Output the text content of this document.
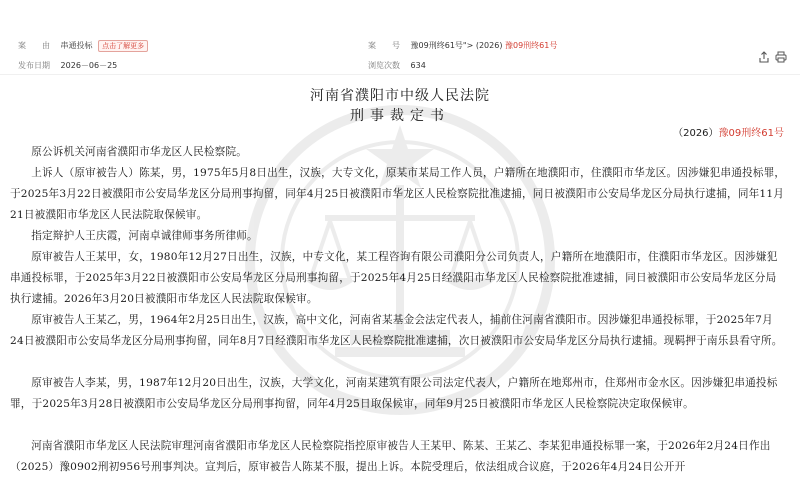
案　　由 串通投标 点击了解更多	案　　号 豫09刑终61号"> (2026) 豫09刑终61号
发布日期 2026－06－25	浏览次数 634
河南省濮阳市中级人民法院
刑事裁定书
（2026）豫09刑终61号
原公诉机关河南省濮阳市华龙区人民检察院。
上诉人（原审被告人）陈某，男，1975年5月8日出生，汉族，大专文化，原某市某局工作人员，户籍所在地濮阳市，住濮阳市华龙区。因涉嫌犯串通投标罪，于2025年3月22日被濮阳市公安局华龙区分局刑事拘留，同年4月25日被濮阳市华龙区人民检察院批准逮捕，同日被濮阳市公安局华龙区分局执行逮捕，同年11月21日被濮阳市华龙区人民法院取保候审。
指定辩护人王庆霞，河南卓诚律师事务所律师。
原审被告人王某甲，女，1980年12月27日出生，汉族，中专文化，某工程咨询有限公司濮阳分公司负责人，户籍所在地濮阳市，住濮阳市华龙区。因涉嫌犯串通投标罪，于2025年3月22日被濮阳市公安局华龙区分局刑事拘留，于2025年4月25日经濮阳市华龙区人民检察院批准逮捕，同日被濮阳市公安局华龙区分局执行逮捕。2026年3月20日被濮阳市华龙区人民法院取保候审。
原审被告人王某乙，男，1964年2月25日出生，汉族，高中文化，河南省某基金会法定代表人，捕前住河南省濮阳市。因涉嫌犯串通投标罪，于2025年7月24日被濮阳市公安局华龙区分局刑事拘留，同年8月7日经濮阳市华龙区人民检察院批准逮捕，次日被濮阳市公安局华龙区分局执行逮捕。现羁押于南乐县看守所。
原审被告人李某，男，1987年12月20日出生，汉族，大学文化，河南某建筑有限公司法定代表人，户籍所在地郑州市，住郑州市金水区。因涉嫌犯串通投标罪，于2025年3月28日被濮阳市公安局华龙区分局刑事拘留，同年4月25日取保候审，同年9月25日被濮阳市华龙区人民检察院决定取保候审。
河南省濮阳市华龙区人民法院审理河南省濮阳市华龙区人民检察院指控原审被告人王某甲、陈某、王某乙、李某犯串通投标罪一案，于2026年2月24日作出（2025）豫0902刑初956号刑事判决。宣判后，原审被告人陈某不服，提出上诉。本院受理后，依法组成合议庭，于2026年4月24日公开开
